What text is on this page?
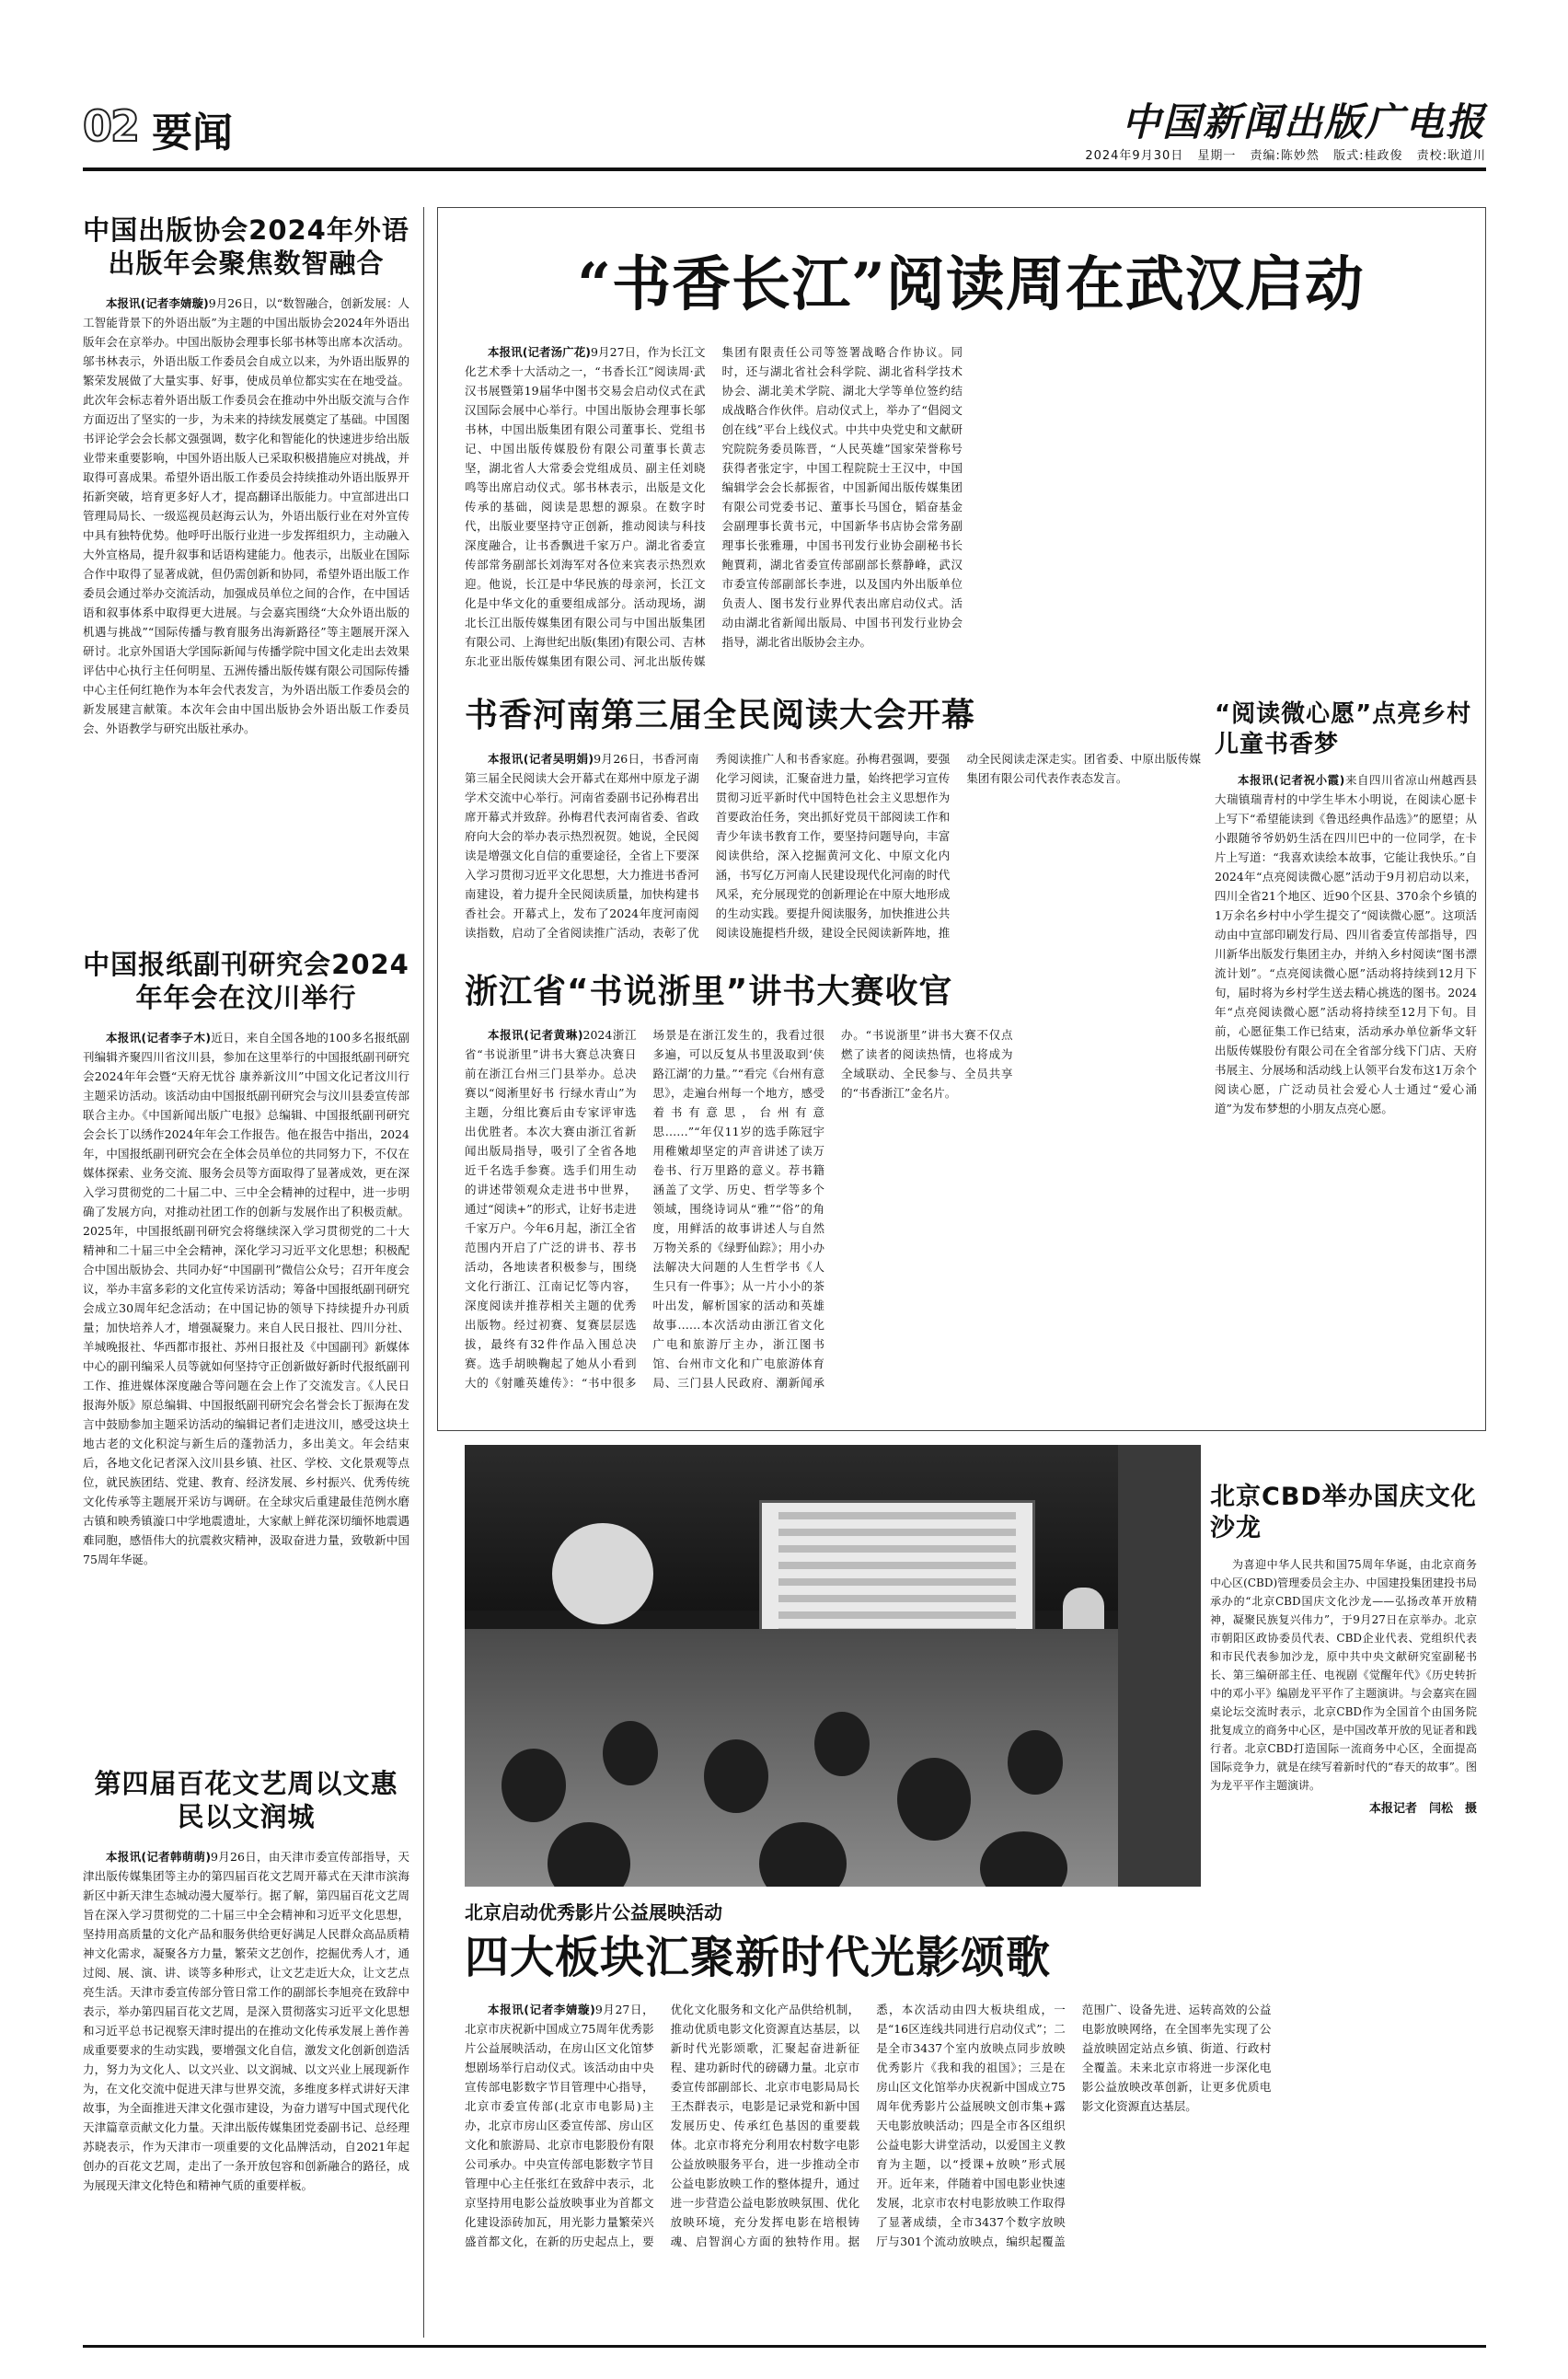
02 要闻	中国新闻出版广电报
2024年9月30日 星期一 责编:陈妙然 版式:桂政俊 责校:耿道川
中国出版协会2024年外语出版年会聚焦数智融合
本报讯(记者李婧璇)9月26日，以“数智融合，创新发展：人工智能背景下的外语出版”为主题的中国出版协会2024年外语出版年会在京举办。中国出版协会理事长邬书林等出席本次活动。邬书林表示，外语出版工作委员会自成立以来，为外语出版界的繁荣发展做了大量实事、好事，使成员单位都实实在在地受益。此次年会标志着外语出版工作委员会在推动中外出版交流与合作方面迈出了坚实的一步，为未来的持续发展奠定了基础。中国图书评论学会会长郝文强强调，数字化和智能化的快速进步给出版业带来重要影响，中国外语出版人已采取积极措施应对挑战，并取得可喜成果。希望外语出版工作委员会持续推动外语出版界开拓新突破，培育更多好人才，提高翻译出版能力。中宣部进出口管理局局长、一级巡视员赵海云认为，外语出版行业在对外宣传中具有独特优势。他呼吁出版行业进一步发挥组织力，主动融入大外宣格局，提升叙事和话语构建能力。他表示，出版业在国际合作中取得了显著成就，但仍需创新和协同，希望外语出版工作委员会通过举办交流活动，加强成员单位之间的合作，在中国话语和叙事体系中取得更大进展。与会嘉宾围绕“大众外语出版的机遇与挑战”“国际传播与教育服务出海新路径”等主题展开深入研讨。北京外国语大学国际新闻与传播学院中国文化走出去效果评估中心执行主任何明星、五洲传播出版传媒有限公司国际传播中心主任何红艳作为本年会代表发言，为外语出版工作委员会的新发展建言献策。本次年会由中国出版协会外语出版工作委员会、外语教学与研究出版社承办。
中国报纸副刊研究会2024年年会在汶川举行
本报讯(记者李子木)近日，来自全国各地的100多名报纸副刊编辑齐聚四川省汶川县，参加在这里举行的中国报纸副刊研究会2024年年会暨“天府无忧谷 康养新汶川”中国文化记者汶川行主题采访活动。该活动由中国报纸副刊研究会与汶川县委宣传部联合主办。《中国新闻出版广电报》总编辑、中国报纸副刊研究会会长丁以绣作2024年年会工作报告。他在报告中指出，2024年，中国报纸副刊研究会在全体会员单位的共同努力下，不仅在媒体探索、业务交流、服务会员等方面取得了显著成效，更在深入学习贯彻党的二十届二中、三中全会精神的过程中，进一步明确了发展方向，对推动社团工作的创新与发展作出了积极贡献。2025年，中国报纸副刊研究会将继续深入学习贯彻党的二十大精神和二十届三中全会精神，深化学习习近平文化思想；积极配合中国出版协会、共同办好“中国副刊”微信公众号；召开年度会议，举办丰富多彩的文化宣传采访活动；筹备中国报纸副刊研究会成立30周年纪念活动；在中国记协的领导下持续提升办刊质量；加快培养人才，增强凝聚力。来自人民日报社、四川分社、羊城晚报社、华西都市报社、苏州日报社及《中国副刊》新媒体中心的副刊编采人员等就如何坚持守正创新做好新时代报纸副刊工作、推进媒体深度融合等问题在会上作了交流发言。《人民日报海外版》原总编辑、中国报纸副刊研究会名誉会长丁振海在发言中鼓励参加主题采访活动的编辑记者们走进汶川，感受这块土地古老的文化积淀与新生后的蓬勃活力，多出美文。年会结束后，各地文化记者深入汶川县乡镇、社区、学校、文化景观等点位，就民族团结、党建、教育、经济发展、乡村振兴、优秀传统文化传承等主题展开采访与调研。在全球灾后重建最佳范例水磨古镇和映秀镇漩口中学地震遗址，大家献上鲜花深切缅怀地震遇难同胞，感悟伟大的抗震救灾精神，汲取奋进力量，致敬新中国75周年华诞。
第四届百花文艺周以文惠民以文润城
本报讯(记者韩萌萌)9月26日，由天津市委宣传部指导，天津出版传媒集团等主办的第四届百花文艺周开幕式在天津市滨海新区中新天津生态城动漫大厦举行。据了解，第四届百花文艺周旨在深入学习贯彻党的二十届三中全会精神和习近平文化思想，坚持用高质量的文化产品和服务供给更好满足人民群众高品质精神文化需求，凝聚各方力量，繁荣文艺创作，挖掘优秀人才，通过阅、展、演、讲、谈等多种形式，让文艺走近大众，让文艺点亮生活。天津市委宣传部分管日常工作的副部长李旭亮在致辞中表示，举办第四届百花文艺周，是深入贯彻落实习近平文化思想和习近平总书记视察天津时提出的在推动文化传承发展上善作善成重要要求的生动实践，要增强文化自信，激发文化创新创造活力，努力为文化人、以文兴业、以文润城、以文兴业上展现新作为，在文化交流中促进天津与世界交流，多维度多样式讲好天津故事，为全面推进天津文化强市建设，为奋力谱写中国式现代化天津篇章贡献文化力量。天津出版传媒集团党委副书记、总经理苏晓表示，作为天津市一项重要的文化品牌活动，自2021年起创办的百花文艺周，走出了一条开放包容和创新融合的路径，成为展现天津文化特色和精神气质的重要样板。
“书香长江”阅读周在武汉启动
本报讯(记者汤广花)9月27日，作为长江文化艺术季十大活动之一，“书香长江”阅读周·武汉书展暨第19届华中图书交易会启动仪式在武汉国际会展中心举行。中国出版协会理事长邬书林，中国出版集团有限公司董事长、党组书记、中国出版传媒股份有限公司董事长黄志坚，湖北省人大常委会党组成员、副主任刘晓鸣等出席启动仪式。邬书林表示，出版是文化传承的基础，阅读是思想的源泉。在数字时代，出版业要坚持守正创新，推动阅读与科技深度融合，让书香飘进千家万户。湖北省委宣传部常务副部长刘海军对各位来宾表示热烈欢迎。他说，长江是中华民族的母亲河，长江文化是中华文化的重要组成部分。活动现场，湖北长江出版传媒集团有限公司与中国出版集团有限公司、上海世纪出版(集团)有限公司、吉林东北亚出版传媒集团有限公司、河北出版传媒集团有限责任公司等签署战略合作协议。同时，还与湖北省社会科学院、湖北省科学技术协会、湖北美术学院、湖北大学等单位签约结成战略合作伙伴。启动仪式上，举办了“倡阅文创在线”平台上线仪式。中共中央党史和文献研究院院务委员陈晋，“人民英雄”国家荣誉称号获得者张定宇，中国工程院院士王汉中，中国编辑学会会长郝振省，中国新闻出版传媒集团有限公司党委书记、董事长马国仓，韬奋基金会副理事长黄书元，中国新华书店协会常务副理事长张雅珊，中国书刊发行业协会副秘书长鲍賈莉，湖北省委宣传部副部长蔡静峰，武汉市委宣传部副部长李进，以及国内外出版单位负责人、图书发行业界代表出席启动仪式。活动由湖北省新闻出版局、中国书刊发行业协会指导，湖北省出版协会主办。
书香河南第三届全民阅读大会开幕
本报讯(记者吴明娟)9月26日，书香河南第三届全民阅读大会开幕式在郑州中原龙子湖学术交流中心举行。河南省委副书记孙梅君出席开幕式并致辞。孙梅君代表河南省委、省政府向大会的举办表示热烈祝贺。她说，全民阅读是增强文化自信的重要途径，全省上下要深入学习贯彻习近平文化思想，大力推进书香河南建设，着力提升全民阅读质量，加快构建书香社会。开幕式上，发布了2024年度河南阅读指数，启动了全省阅读推广活动，表彰了优秀阅读推广人和书香家庭。孙梅君强调，要强化学习阅读，汇聚奋进力量，始终把学习宣传贯彻习近平新时代中国特色社会主义思想作为首要政治任务，突出抓好党员干部阅读工作和青少年读书教育工作，要坚持问题导向，丰富阅读供给，深入挖掘黄河文化、中原文化内涵，书写亿万河南人民建设现代化河南的时代风采，充分展现党的创新理论在中原大地形成的生动实践。要提升阅读服务，加快推进公共阅读设施提档升级，建设全民阅读新阵地，推动全民阅读走深走实。团省委、中原出版传媒集团有限公司代表作表态发言。
“阅读微心愿”点亮乡村儿童书香梦
本报讯(记者祝小霞)来自四川省凉山州越西县大瑞镇瑞青村的中学生毕木小明说，在阅读心愿卡上写下“希望能读到《鲁迅经典作品选》”的愿望；从小跟随爷爷奶奶生活在四川巴中的一位同学，在卡片上写道：“我喜欢读绘本故事，它能让我快乐。”自2024年“点亮阅读微心愿”活动于9月初启动以来，四川全省21个地区、近90个区县、370余个乡镇的1万余名乡村中小学生提交了“阅读微心愿”。这项活动由中宣部印刷发行局、四川省委宣传部指导，四川新华出版发行集团主办，并纳入乡村阅读“图书漂流计划”。“点亮阅读微心愿”活动将持续到12月下旬，届时将为乡村学生送去精心挑选的图书。2024年“点亮阅读微心愿”活动将持续至12月下旬。目前，心愿征集工作已结束，活动承办单位新华文轩出版传媒股份有限公司在全省部分线下门店、天府书展主、分展场和活动线上认领平台发布这1万余个阅读心愿，广泛动员社会爱心人士通过“爱心涌道”为发布梦想的小朋友点亮心愿。
浙江省“书说浙里”讲书大赛收官
本报讯(记者黄琳)2024浙江省“书说浙里”讲书大赛总决赛日前在浙江台州三门县举办。总决赛以“阅淅里好书 行绿水青山”为主题，分组比赛后由专家评审选出优胜者。本次大赛由浙江省新闻出版局指导，吸引了全省各地近千名选手参赛。选手们用生动的讲述带领观众走进书中世界，通过“阅读+”的形式，让好书走进千家万户。今年6月起，浙江全省范围内开启了广泛的讲书、荐书活动，各地读者积极参与，围绕文化行浙江、江南记忆等内容，深度阅读并推荐相关主题的优秀出版物。经过初赛、复赛层层选拔，最终有32件作品入围总决赛。选手胡映鞠起了她从小看到大的《射雕英雄传》：“书中很多场景是在浙江发生的，我看过很多遍，可以反复从书里汲取到‘侠路江湖’的力量。”“看完《台州有意思》，走遍台州每一个地方，感受着书有意思，台州有意思……”“年仅11岁的选手陈冠宇用稚嫩却坚定的声音讲述了读万卷书、行万里路的意义。荐书籍涵盖了文学、历史、哲学等多个领域，围绕诗词从“雅”“俗”的角度，用鲜活的故事讲述人与自然万物关系的《绿野仙踪》；用小办法解决大问题的人生哲学书《人生只有一件事》；从一片小小的茶叶出发，解析国家的活动和英雄故事……本次活动由浙江省文化广电和旅游厅主办，浙江图书馆、台州市文化和广电旅游体育局、三门县人民政府、潮新闻承办。“书说浙里”讲书大赛不仅点燃了读者的阅读热情，也将成为全域联动、全民参与、全员共享的“书香浙江”金名片。
北京CBD举办国庆文化沙龙
为喜迎中华人民共和国75周年华诞，由北京商务中心区(CBD)管理委员会主办、中国建投集团建投书局承办的“北京CBD国庆文化沙龙——弘扬改革开放精神，凝聚民族复兴伟力”，于9月27日在京举办。北京市朝阳区政协委员代表、CBD企业代表、党组织代表和市民代表参加沙龙，原中共中央文献研究室副秘书长、第三编研部主任、电视剧《觉醒年代》《历史转折中的邓小平》编剧龙平平作了主题演讲。与会嘉宾在圆桌论坛交流时表示，北京CBD作为全国首个由国务院批复成立的商务中心区，是中国改革开放的见证者和践行者。北京CBD打造国际一流商务中心区，全面提高国际竞争力，就是在续写着新时代的“春天的故事”。图为龙平平作主题演讲。
本报记者　闫松　摄
北京启动优秀影片公益展映活动
四大板块汇聚新时代光影颂歌
本报讯(记者李婧璇)9月27日，北京市庆祝新中国成立75周年优秀影片公益展映活动，在房山区文化馆梦想剧场举行启动仪式。该活动由中央宣传部电影数字节目管理中心指导，北京市委宣传部(北京市电影局)主办，北京市房山区委宣传部、房山区文化和旅游局、北京市电影股份有限公司承办。中央宣传部电影数字节目管理中心主任张红在致辞中表示，北京坚持用电影公益放映事业为首都文化建设添砖加瓦，用光影力量繁荣兴盛首都文化，在新的历史起点上，要优化文化服务和文化产品供给机制，推动优质电影文化资源直达基层，以新时代光影颂歌，汇聚起奋进新征程、建功新时代的磅礴力量。北京市委宣传部副部长、北京市电影局局长王杰群表示，电影是记录党和新中国发展历史、传承红色基因的重要载体。北京市将充分利用农村数字电影公益放映服务平台，进一步推动全市公益电影放映工作的整体提升，通过进一步营造公益电影放映氛围、优化放映环境，充分发挥电影在培根铸魂、启智润心方面的独特作用。据悉，本次活动由四大板块组成，一是“16区连线共同进行启动仪式”；二是全市3437个室内放映点同步放映优秀影片《我和我的祖国》；三是在房山区文化馆举办庆祝新中国成立75周年优秀影片公益展映文创市集+露天电影放映活动；四是全市各区组织公益电影大讲堂活动，以爱国主义教育为主题，以“授课+放映”形式展开。近年来，伴随着中国电影业快速发展，北京市农村电影放映工作取得了显著成绩，全市3437个数字放映厅与301个流动放映点，编织起覆盖范围广、设备先进、运转高效的公益电影放映网络，在全国率先实现了公益放映固定站点乡镇、街道、行政村全覆盖。未来北京市将进一步深化电影公益放映改革创新，让更多优质电影文化资源直达基层。
